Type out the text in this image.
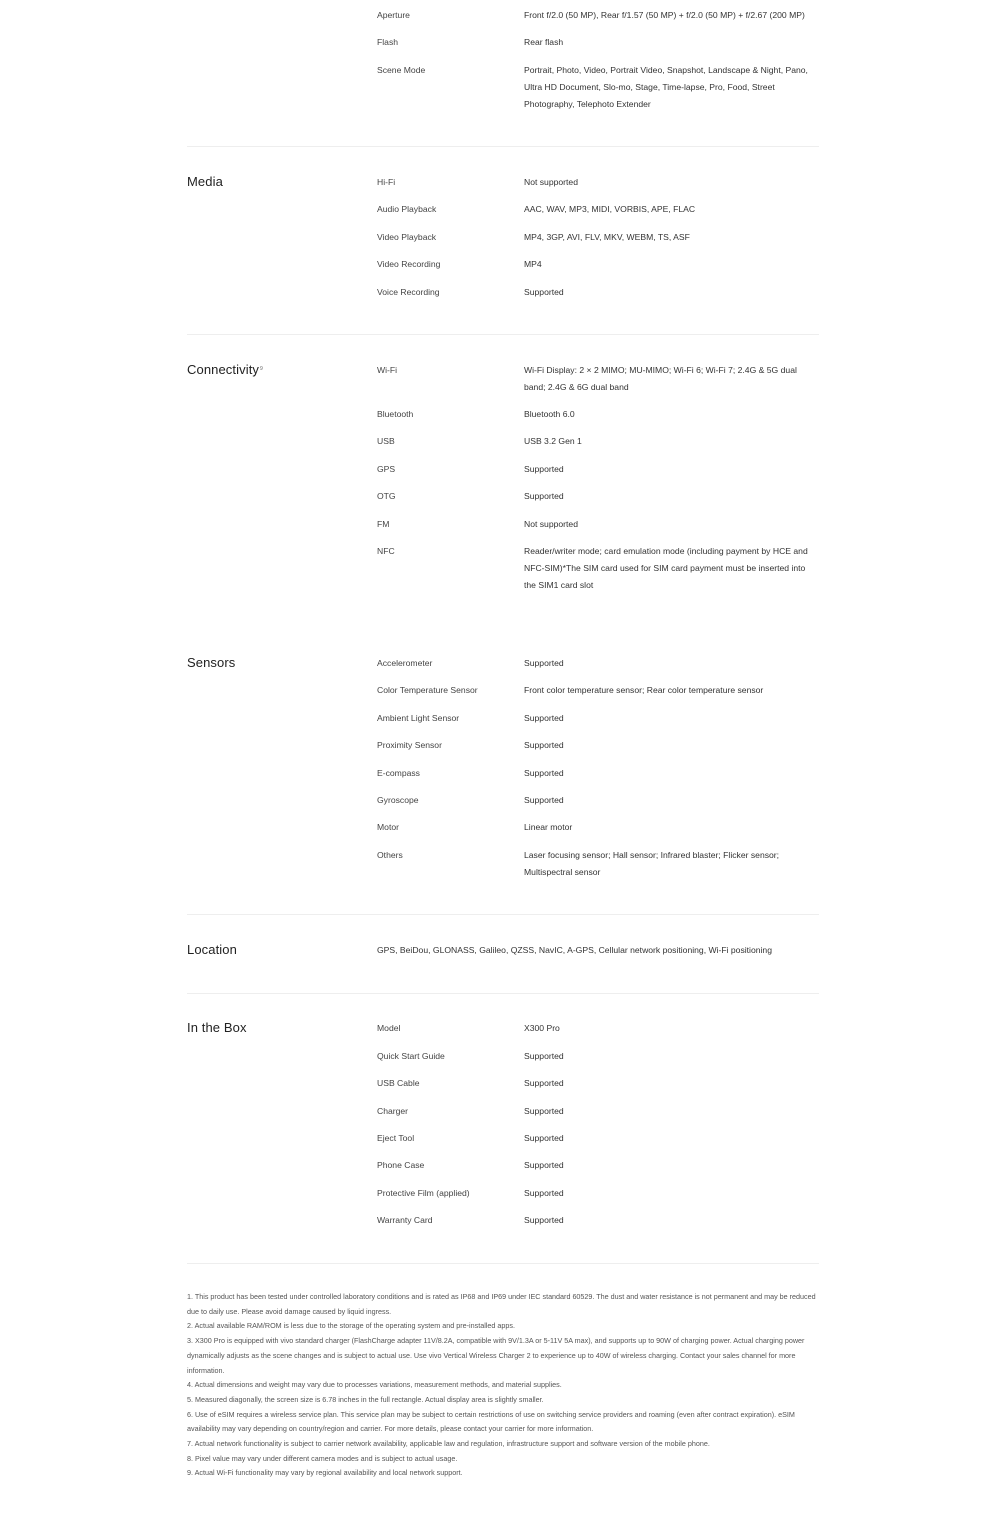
Aperture	Front f/2.0 (50 MP), Rear f/1.57 (50 MP) + f/2.0 (50 MP) + f/2.67 (200 MP)
Flash	Rear flash
Scene Mode	Portrait, Photo, Video, Portrait Video, Snapshot, Landscape & Night, Pano, Ultra HD Document, Slo-mo, Stage, Time-lapse, Pro, Food, Street Photography, Telephoto Extender
Media	Hi-Fi	Not supported
Audio Playback	AAC, WAV, MP3, MIDI, VORBIS, APE, FLAC
Video Playback	MP4, 3GP, AVI, FLV, MKV, WEBM, TS, ASF
Video Recording	MP4
Voice Recording	Supported
Connectivity$^9$	Wi-Fi	Wi-Fi Display: 2 × 2 MIMO; MU-MIMO; Wi-Fi 6; Wi-Fi 7; 2.4G & 5G dual band; 2.4G & 6G dual band
Bluetooth	Bluetooth 6.0
USB	USB 3.2 Gen 1
GPS	Supported
OTG	Supported
FM	Not supported
NFC	Reader/writer mode; card emulation mode (including payment by HCE and NFC-SIM)*The SIM card used for SIM card payment must be inserted into the SIM1 card slot
Sensors	Accelerometer	Supported
Color Temperature Sensor	Front color temperature sensor; Rear color temperature sensor
Ambient Light Sensor	Supported
Proximity Sensor	Supported
E-compass	Supported
Gyroscope	Supported
Motor	Linear motor
Others	Laser focusing sensor; Hall sensor; Infrared blaster; Flicker sensor; Multispectral sensor
Location	GPS, BeiDou, GLONASS, Galileo, QZSS, NavIC, A-GPS, Cellular network positioning, Wi-Fi positioning
In the Box	Model	X300 Pro
Quick Start Guide	Supported
USB Cable	Supported
Charger	Supported
Eject Tool	Supported
Phone Case	Supported
Protective Film (applied)	Supported
Warranty Card	Supported

1. This product has been tested under controlled laboratory conditions and is rated as IP68 and IP69 under IEC standard 60529. The dust and water resistance is not permanent and may be reduced due to daily use. Please avoid damage caused by liquid ingress.

2. Actual available RAM/ROM is less due to the storage of the operating system and pre-installed apps.

3. X300 Pro is equipped with vivo standard charger (FlashCharge adapter 11V/8.2A, compatible with 9V/1.3A or 5-11V 5A max), and supports up to 90W of charging power. Actual charging power dynamically adjusts as the scene changes and is subject to actual use. Use vivo Vertical Wireless Charger 2 to experience up to 40W of wireless charging. Contact your sales channel for more information.

4. Actual dimensions and weight may vary due to processes variations, measurement methods, and material supplies.

5. Measured diagonally, the screen size is 6.78 inches in the full rectangle. Actual display area is slightly smaller.

6. Use of eSIM requires a wireless service plan. This service plan may be subject to certain restrictions of use on switching service providers and roaming (even after contract expiration). eSIM availability may vary depending on country/region and carrier. For more details, please contact your carrier for more information.

7. Actual network functionality is subject to carrier network availability, applicable law and regulation, infrastructure support and software version of the mobile phone.

8. Pixel value may vary under different camera modes and is subject to actual usage.

9. Actual Wi-Fi functionality may vary by regional availability and local network support.
